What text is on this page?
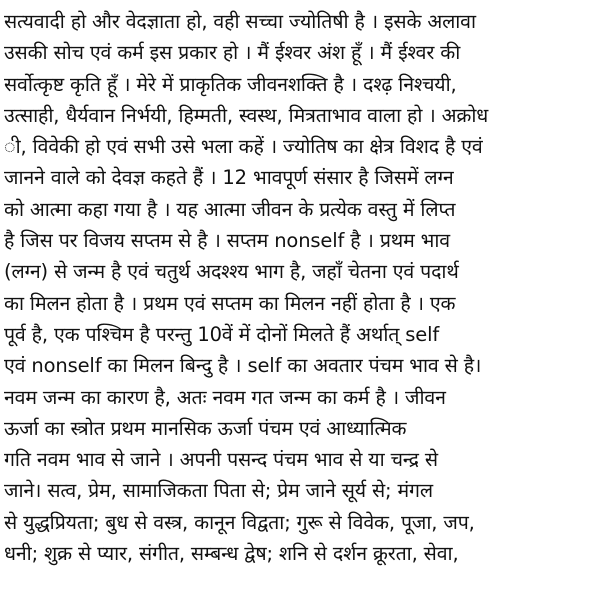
सत्यवादी हो और वेदज्ञाता हो, वही सच्चा ज्योतिषी है । इसके अलावा
उसकी सोच एवं कर्म इस प्रकार हो । मैं ईश्वर अंश हूँ । मैं ईश्वर की
सर्वोत्कृष्ट कृति हूँ । मेरे में प्राकृतिक जीवनशक्ति है । दश्ढ़ निश्चयी,
उत्साही, धैर्यवान निर्भयी, हिम्मती, स्वस्थ, मित्रताभाव वाला हो । अक्रोध
ी, विवेकी हो एवं सभी उसे भला कहें । ज्योतिष का क्षेत्र विशद है एवं
जानने वाले को देवज्ञ कहते हैं । 12 भावपूर्ण संसार है जिसमें लग्न
को आत्मा कहा गया है । यह आत्मा जीवन के प्रत्येक वस्तु में लिप्त
है जिस पर विजय सप्तम से है । सप्तम nonself है । प्रथम भाव
(लग्न) से जन्म है एवं चतुर्थ अदश्श्य भाग है, जहाँ चेतना एवं पदार्थ
का मिलन होता है । प्रथम एवं सप्तम का मिलन नहीं होता है । एक
पूर्व है, एक पश्चिम है परन्तु 10वें में दोनों मिलते हैं अर्थात् self
एवं nonself का मिलन बिन्दु है । self का अवतार पंचम भाव से है।
नवम जन्म का कारण है, अतः नवम गत जन्म का कर्म है । जीवन
ऊर्जा का स्त्रोत प्रथम मानसिक ऊर्जा पंचम एवं आध्यात्मिक
गति नवम भाव से जाने । अपनी पसन्द पंचम भाव से या चन्द्र से
जाने। सत्व, प्रेम, सामाजिकता पिता से; प्रेम जाने सूर्य से; मंगल
से युद्धप्रियता; बुध से वस्त्र, कानून विद्वता; गुरू से विवेक, पूजा, जप,
धनी; शुक्र से प्यार, संगीत, सम्बन्ध द्वेष; शनि से दर्शन क्रूरता, सेवा,
